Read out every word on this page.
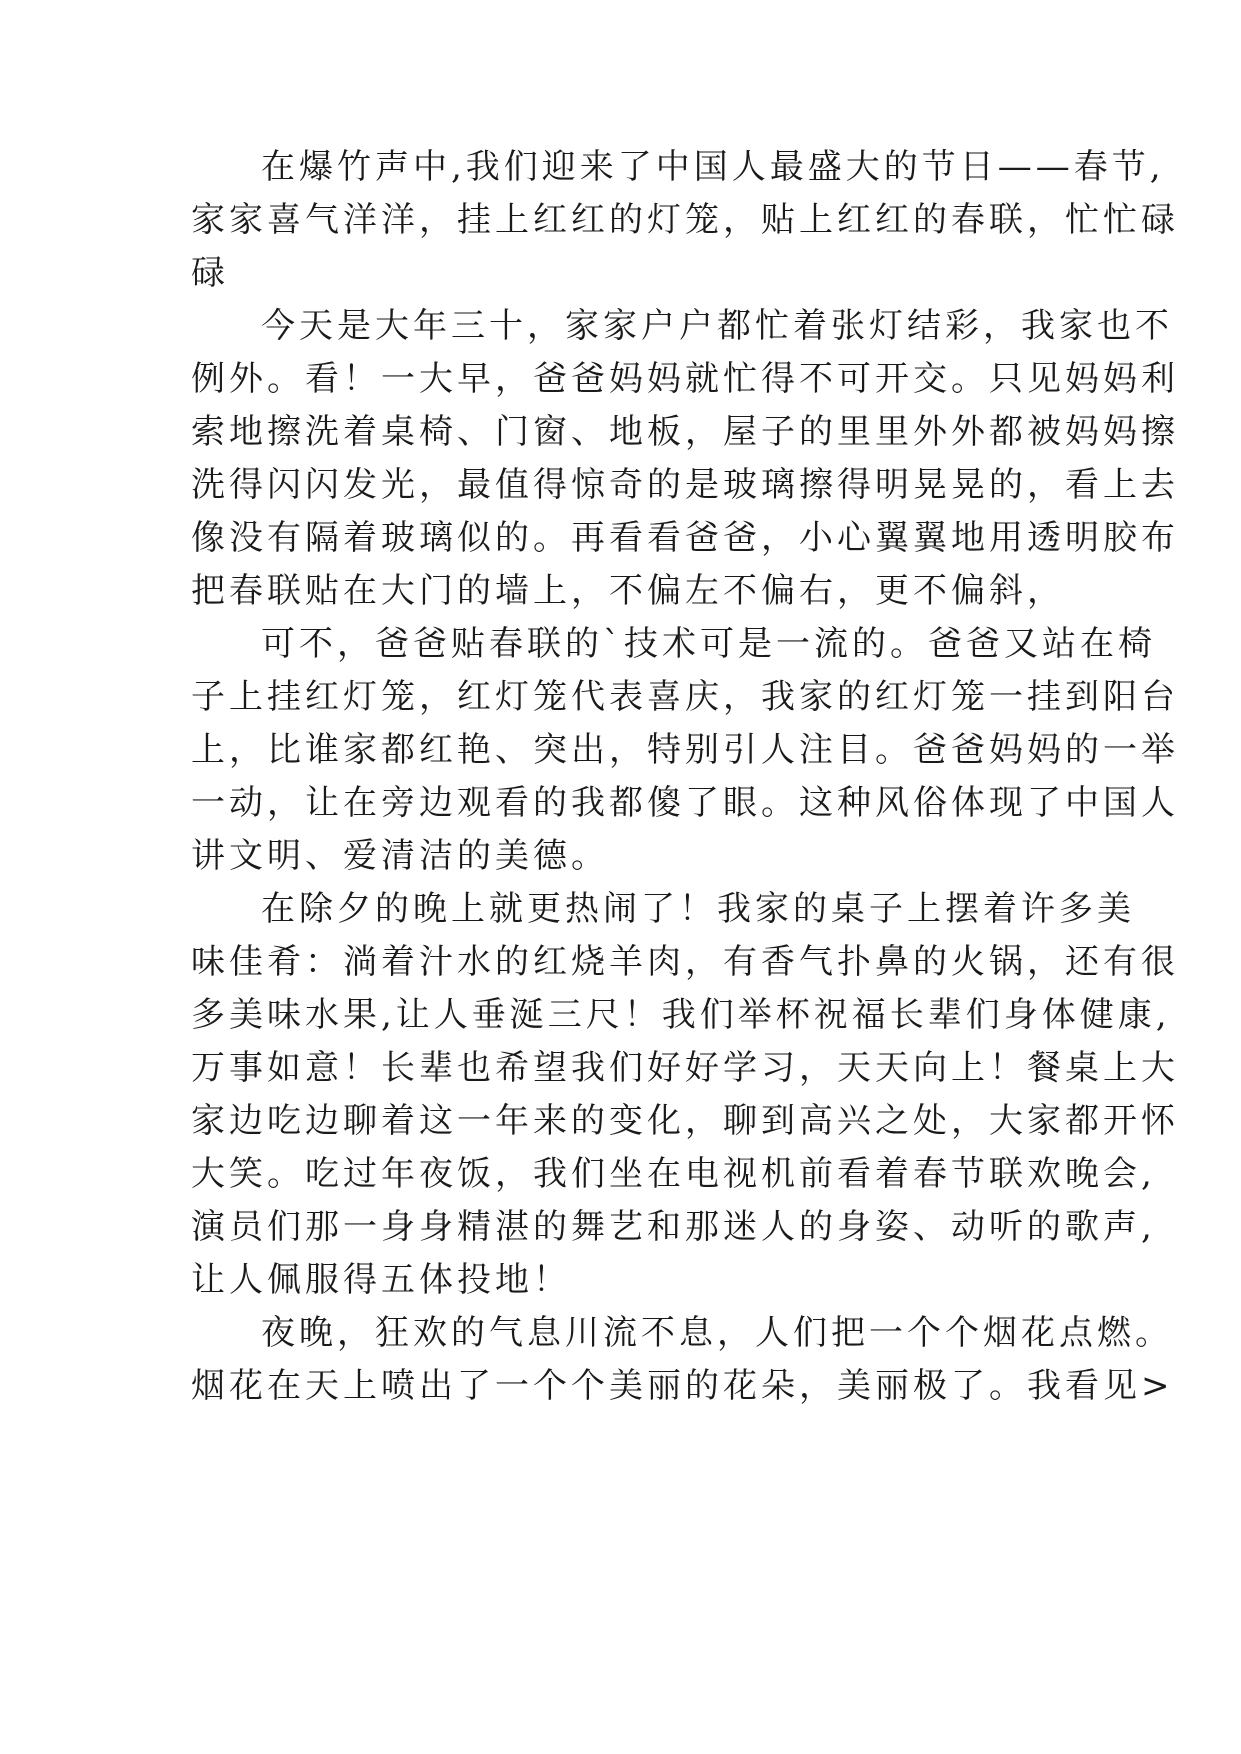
在爆竹声中,我们迎来了中国人最盛大的节日——春节,
家家喜气洋洋，挂上红红的灯笼，贴上红红的春联，忙忙碌
碌
今天是大年三十，家家户户都忙着张灯结彩，我家也不
例外。看！一大早，爸爸妈妈就忙得不可开交。只见妈妈利
索地擦洗着桌椅、门窗、地板，屋子的里里外外都被妈妈擦
洗得闪闪发光，最值得惊奇的是玻璃擦得明晃晃的，看上去
像没有隔着玻璃似的。再看看爸爸，小心翼翼地用透明胶布
把春联贴在大门的墙上，不偏左不偏右，更不偏斜，
可不，爸爸贴春联的`技术可是一流的。爸爸又站在椅
子上挂红灯笼，红灯笼代表喜庆，我家的红灯笼一挂到阳台
上，比谁家都红艳、突出，特别引人注目。爸爸妈妈的一举
一动，让在旁边观看的我都傻了眼。这种风俗体现了中国人
讲文明、爱清洁的美德。
在除夕的晚上就更热闹了！我家的桌子上摆着许多美
味佳肴：淌着汁水的红烧羊肉，有香气扑鼻的火锅，还有很
多美味水果,让人垂涎三尺！我们举杯祝福长辈们身体健康,
万事如意！长辈也希望我们好好学习，天天向上！餐桌上大
家边吃边聊着这一年来的变化，聊到高兴之处，大家都开怀
大笑。吃过年夜饭，我们坐在电视机前看着春节联欢晚会,
演员们那一身身精湛的舞艺和那迷人的身姿、动听的歌声,
让人佩服得五体投地！
夜晚，狂欢的气息川流不息，人们把一个个烟花点燃。
烟花在天上喷出了一个个美丽的花朵，美丽极了。我看见>
